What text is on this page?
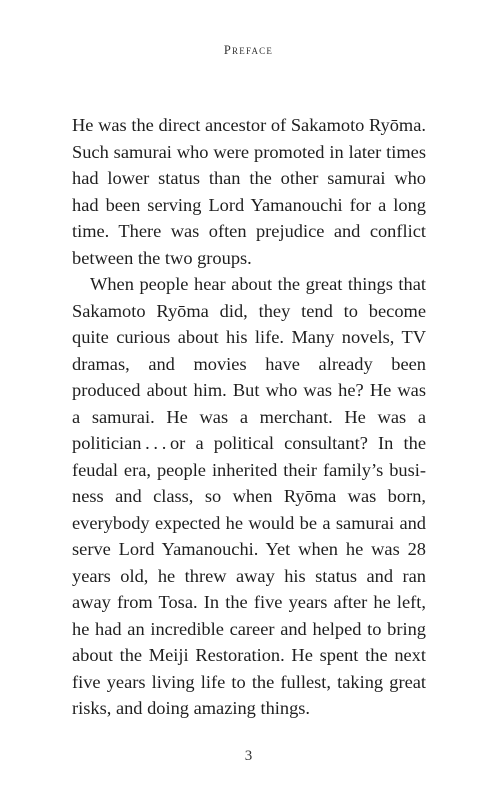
Preface

He was the direct ancestor of Sakamoto Ryōma. Such samurai who were promoted in later times had lower status than the other samurai who had been serving Lord Yamanouchi for a long time. There was often prejudice and conflict between the two groups.

When people hear about the great things that Sakamoto Ryōma did, they tend to become quite curious about his life. Many novels, TV dramas, and movies have already been produced about him. But who was he? He was a samurai. He was a merchant. He was a politician . . . or a political consultant? In the feudal era, people inherited their family’s business and class, so when Ryōma was born, everybody expected he would be a samurai and serve Lord Yamanouchi. Yet when he was 28 years old, he threw away his status and ran away from Tosa. In the five years after he left, he had an incredible career and helped to bring about the Meiji Restoration. He spent the next five years living life to the fullest, taking great risks, and doing amazing things.

3
